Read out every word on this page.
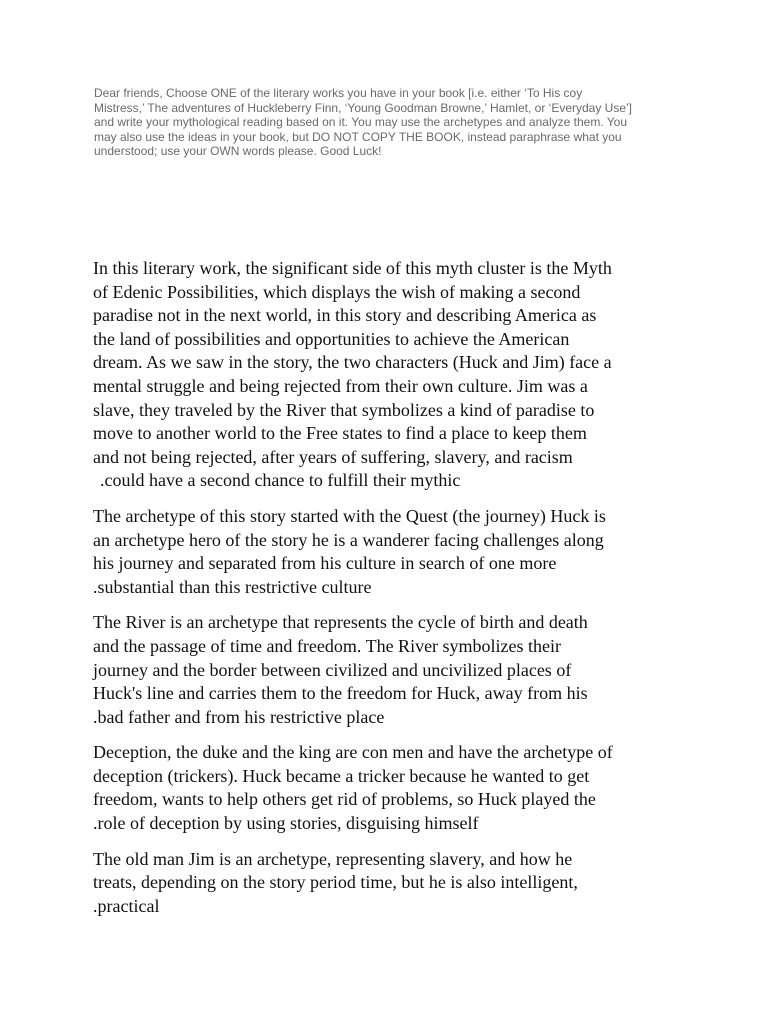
Dear friends, Choose ONE of the literary works you have in your book [i.e. either ‘To His coy
Mistress,’ The adventures of Huckleberry Finn, ‘Young Goodman Browne,’ Hamlet, or ‘Everyday Use’]
and write your mythological reading based on it. You may use the archetypes and analyze them. You
may also use the ideas in your book, but DO NOT COPY THE BOOK, instead paraphrase what you
understood; use your OWN words please. Good Luck!

In this literary work, the significant side of this myth cluster is the Myth
of Edenic Possibilities, which displays the wish of making a second
paradise not in the next world, in this story and describing America as
the land of possibilities and opportunities to achieve the American
dream. As we saw in the story, the two characters (Huck and Jim) face a
mental struggle and being rejected from their own culture. Jim was a
slave, they traveled by the River that symbolizes a kind of paradise to
move to another world to the Free states to find a place to keep them
and not being rejected, after years of suffering, slavery, and racism
.could have a second chance to fulfill their mythic

The archetype of this story started with the Quest (the journey) Huck is
an archetype hero of the story he is a wanderer facing challenges along
his journey and separated from his culture in search of one more
.substantial than this restrictive culture

The River is an archetype that represents the cycle of birth and death
and the passage of time and freedom. The River symbolizes their
journey and the border between civilized and uncivilized places of
Huck's line and carries them to the freedom for Huck, away from his
.bad father and from his restrictive place

Deception, the duke and the king are con men and have the archetype of
deception (trickers). Huck became a tricker because he wanted to get
freedom, wants to help others get rid of problems, so Huck played the
.role of deception by using stories, disguising himself

The old man Jim is an archetype, representing slavery, and how he
treats, depending on the story period time, but he is also intelligent,
.practical
